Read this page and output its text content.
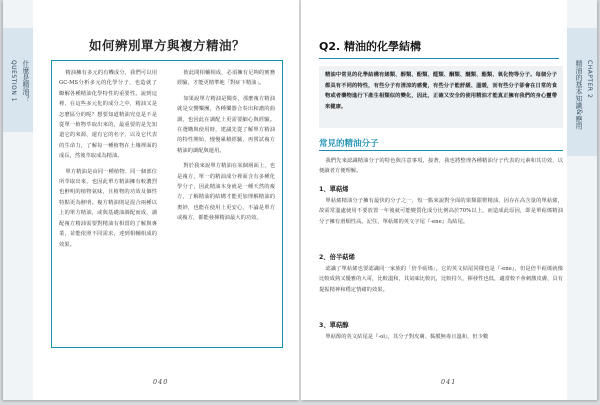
QUESTION 1 什麼是精油？
如何辨別單方與複方精油？

精油擁有多元的有機成分，我們可以用GC-MS分析多元的化學分子，也造就了瞭解各種精油化學特性的重要性。說到這裡，在這些多元化的成分之中，精油又是怎麼區分的呢？想要知道精油究竟是不是從單一植物萃取出來的，最重要的是先知道它的來源，還有它的名字，以及它代表的生命力，了解每一種植物在土壤裡面的成長，然後萃取成為精油。

單方精油是由同一種植物、同一個部位所萃取出來，也因此單方精油擁有較濃烈也鮮明的植物氣味，且植物的功效及個性特點更為鮮明。複方精油則是混合兩種以上的單方精油，或與基礎油調配而成，調配複方精油需要對精油有相當的了解與專業，並能依照不同需求，達到相輔相成的效果。

彼此間相輔相成，必須擁有足夠的實務經驗，才能更精準地「對症下精油」。

如果說單方精油是獨奏，那麼複方精油就是交響樂團，各種樂器合奏出和諧的曲調，也因此在調配上更需要細心與經驗。在選購與使用時，建議先從了解單方精油的特性開始，慢慢累積經驗，再嘗試複方精油的調配與運用。

對於我來說單方精油在某個層面上，也是複方，單一的精油成分裡面含有多種化學分子，因此精油本身就是一種天然的複方，了解精油的結構才能更加理解精油的奧妙，也能在使用上更安心，不論是單方或複方，都能發揮精油最大的功效。

040
CHAPTER 2
精油的基本知識&應用
Q2. 精油的化學結構
精油中常見的化學結構有烯類、醇類、酚類、醛類、酮類、醚類、酯類、氧化物等分子。每個分子都具有不同的特性，有些分子有清涼的感覺，有些分子能舒緩、溫暖，而有些分子卻會在日常的食物或者藥物進行下產生相類似的變化，因此，正確又安全的使用精油才能真正擁有我們的身心靈帶來健康。
常見的精油分子

我們先來認識精油分子的特色與注意事項，接著，我也將整理各種精油分子代表的元素和其功效，以便讀者方便理解。

1、單萜烯

單萜烯精油分子擁有最快的分子之一，短一點來說對全面的果類甜橙精油，因存在高含量的單萜烯，故需常溫處使用不要放置一年後就可能變質化成分比例高於70%以上，而造成此原因，即是單萜烯精油分子擁有滑順性高。記住，單萜烯的英文字尾『-ene』為結尾。

2、倍半萜烯

認識了單萜烯也要認識同一家族的「倍半萜烯」，它的英文結尾同樣也是『-ene』，但是倍半萜烯就像比較成熟又優雅的大哥，比較溫和，其氣味比較沉，比較持久，揮發性也低，適當較不會刺激皮膚，具有提振精神和穩定情緒的效果。

3、單萜醇

單萜醇的英文結尾是『-ol』，其分子對皮膚、黏膜無毒且溫和，但少數

041
